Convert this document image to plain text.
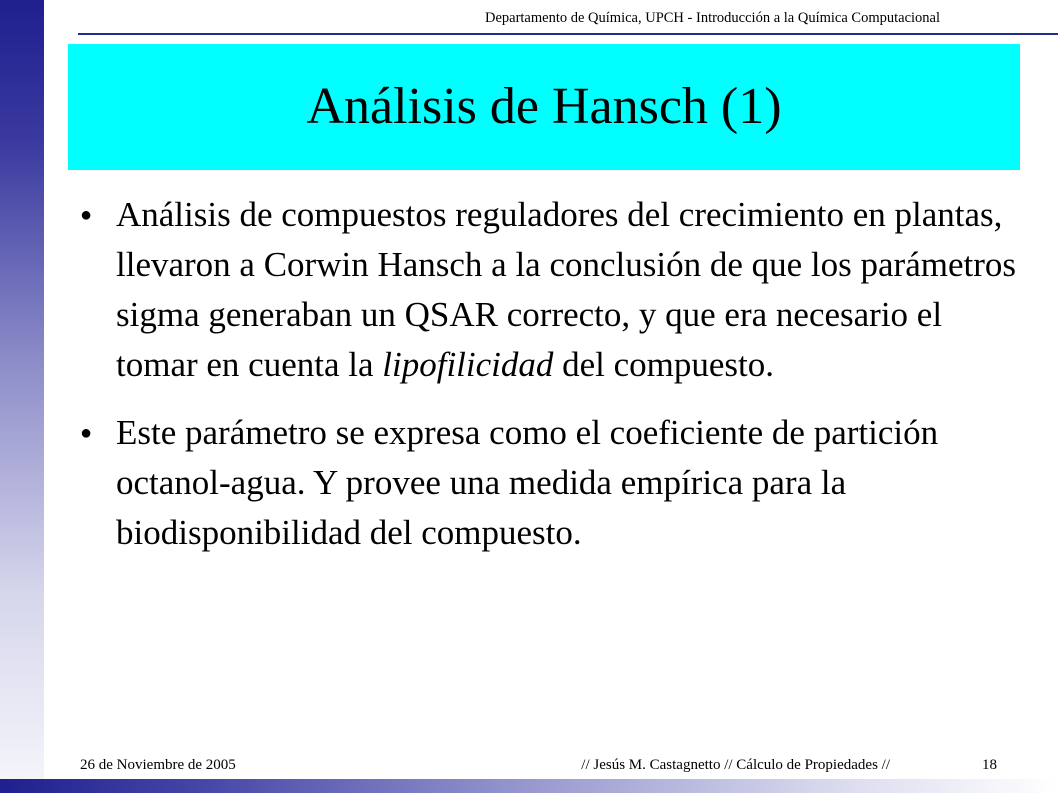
Departamento de Química, UPCH - Introducción a la Química Computacional
Análisis de Hansch (1)
● Análisis de compuestos reguladores del crecimiento en plantas, llevaron a Corwin Hansch a la conclusión de que los parámetros sigma generaban un QSAR correcto, y que era necesario el tomar en cuenta la lipofilicidad del compuesto.
● Este parámetro se expresa como el coeficiente de partición octanol-agua. Y provee una medida empírica para la biodisponibilidad del compuesto.
26 de Noviembre de 2005	// Jesús M. Castagnetto // Cálculo de Propiedades //	18
